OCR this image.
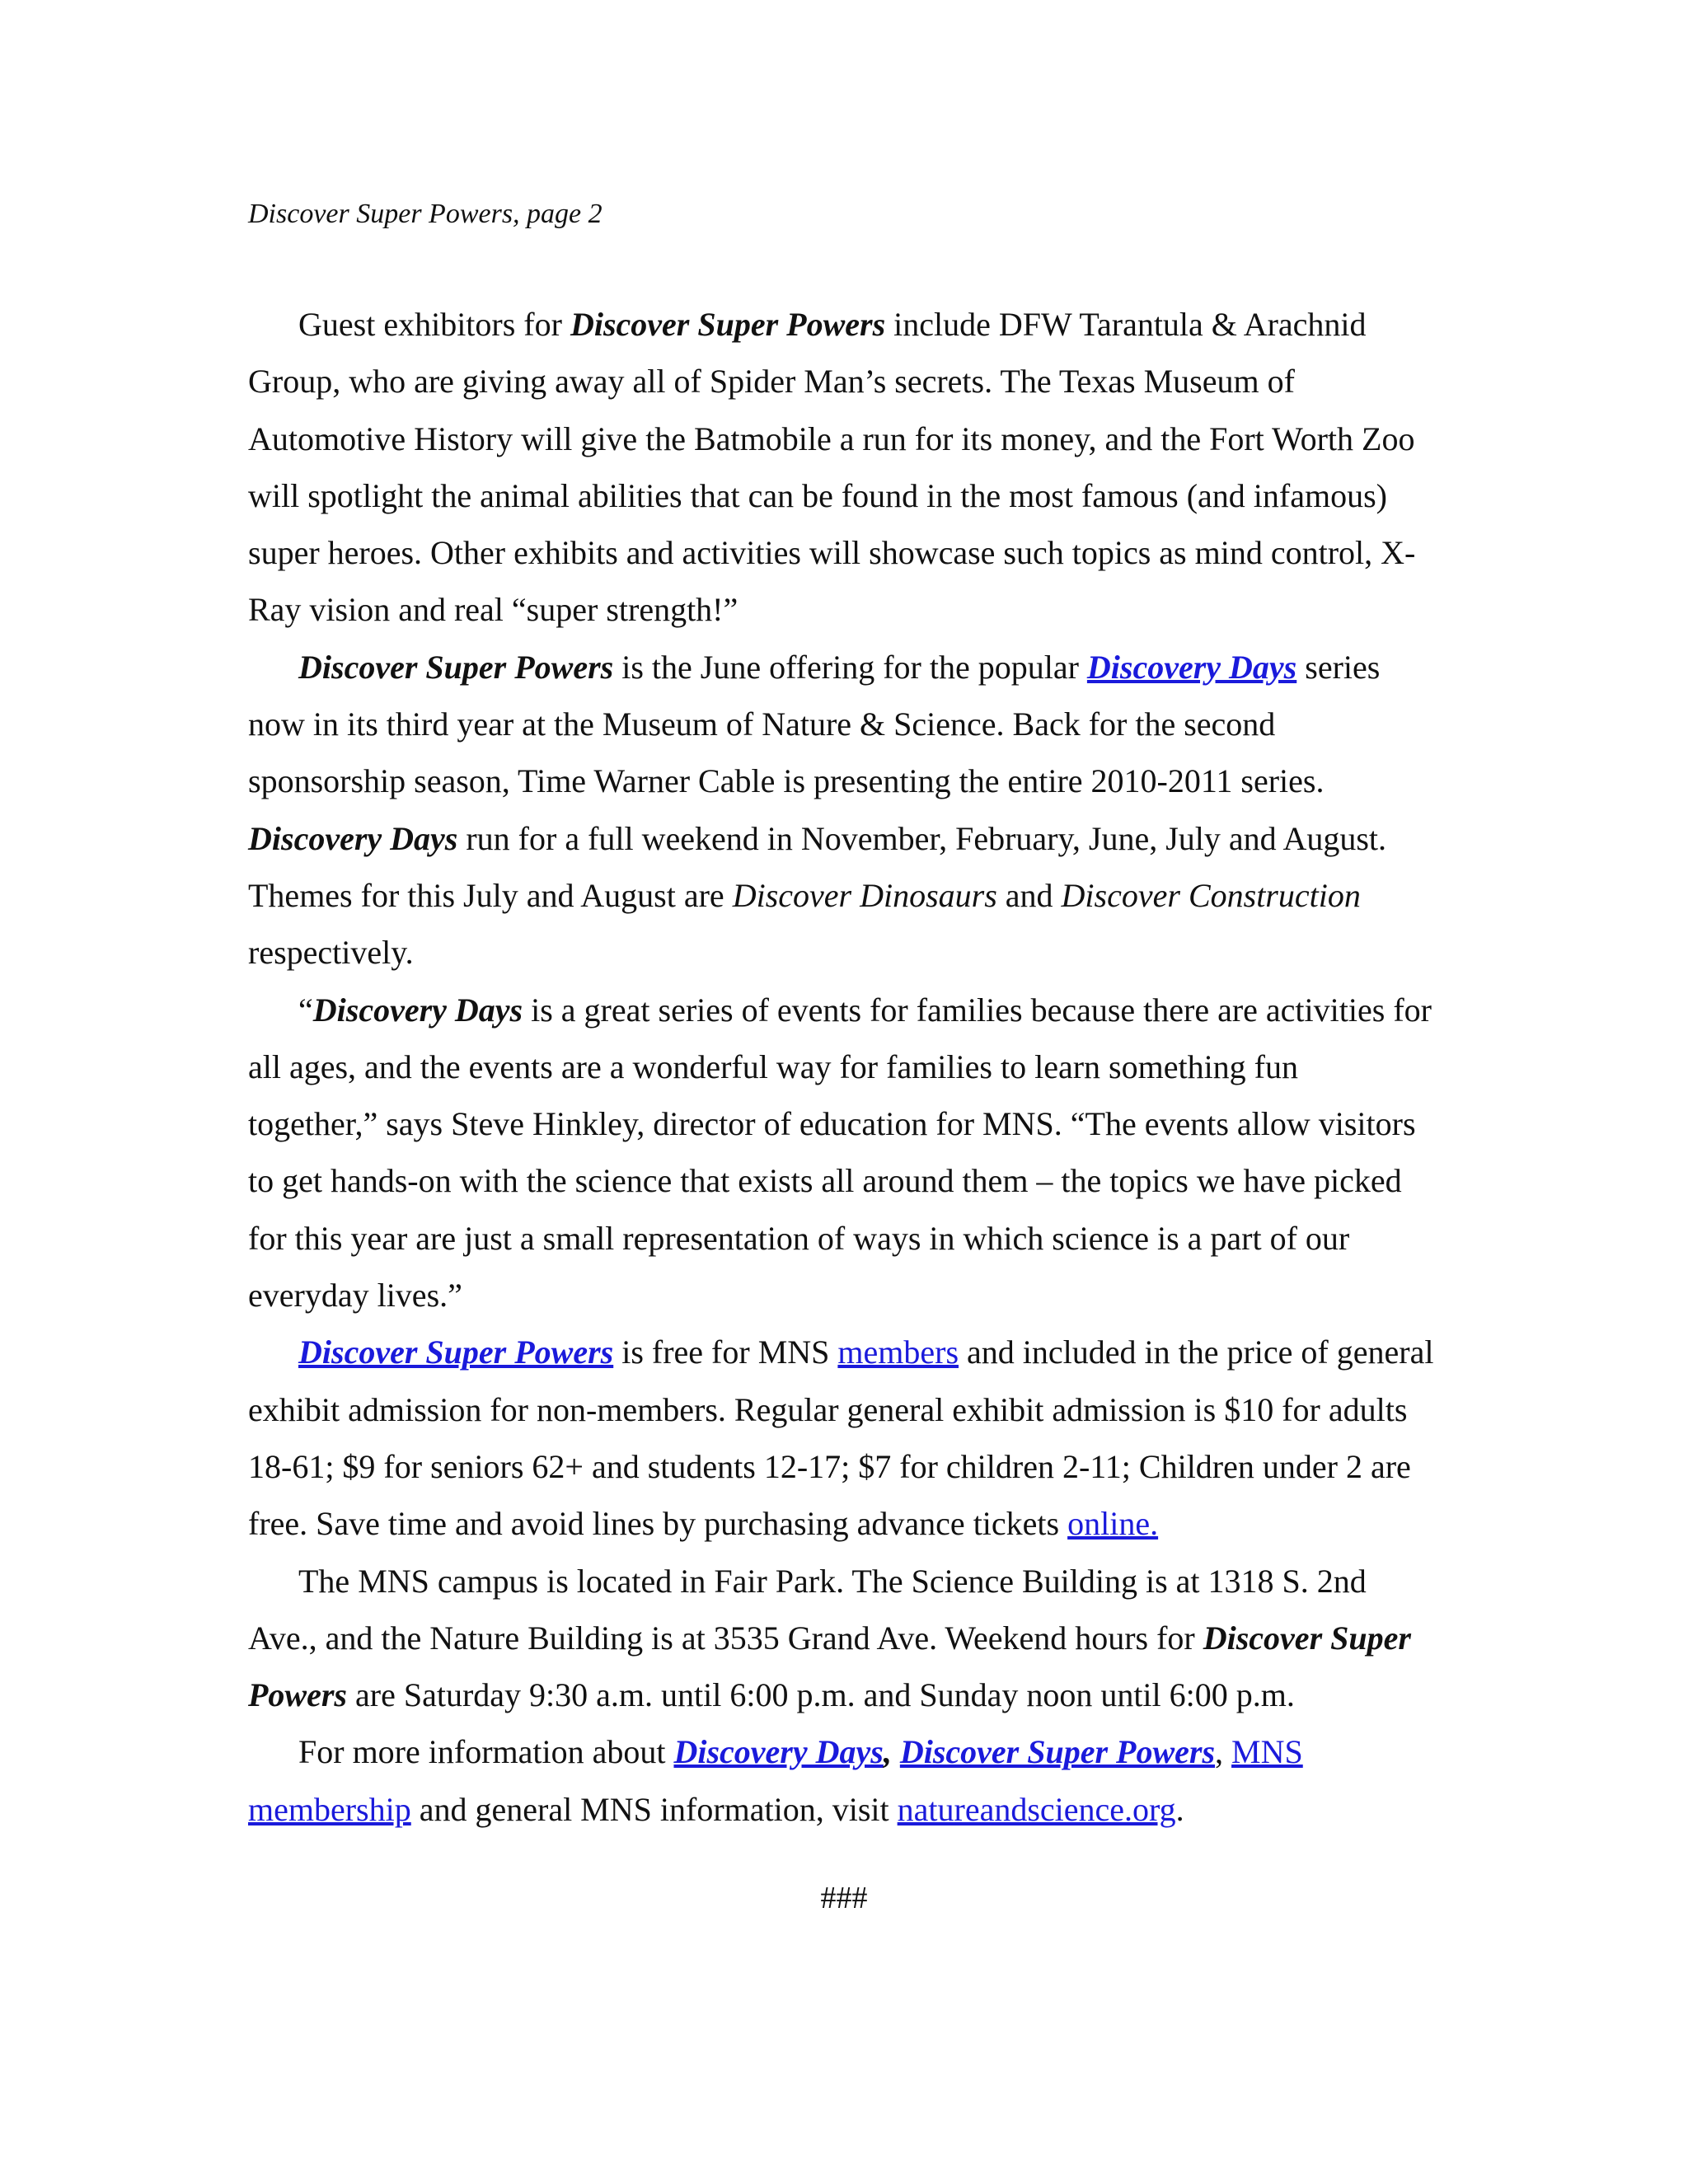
Discover Super Powers, page 2
Guest exhibitors for Discover Super Powers include DFW Tarantula & Arachnid
Group, who are giving away all of Spider Man’s secrets. The Texas Museum of
Automotive History will give the Batmobile a run for its money, and the Fort Worth Zoo
will spotlight the animal abilities that can be found in the most famous (and infamous)
super heroes. Other exhibits and activities will showcase such topics as mind control, X-
Ray vision and real “super strength!”
Discover Super Powers is the June offering for the popular Discovery Days series
now in its third year at the Museum of Nature & Science. Back for the second
sponsorship season, Time Warner Cable is presenting the entire 2010-2011 series.
Discovery Days run for a full weekend in November, February, June, July and August.
Themes for this July and August are Discover Dinosaurs and Discover Construction
respectively.
“Discovery Days is a great series of events for families because there are activities for
all ages, and the events are a wonderful way for families to learn something fun
together,” says Steve Hinkley, director of education for MNS. “The events allow visitors
to get hands-on with the science that exists all around them – the topics we have picked
for this year are just a small representation of ways in which science is a part of our
everyday lives.”
Discover Super Powers is free for MNS members and included in the price of general
exhibit admission for non-members. Regular general exhibit admission is $10 for adults
18-61; $9 for seniors 62+ and students 12-17; $7 for children 2-11; Children under 2 are
free. Save time and avoid lines by purchasing advance tickets online.
The MNS campus is located in Fair Park. The Science Building is at 1318 S. 2nd
Ave., and the Nature Building is at 3535 Grand Ave. Weekend hours for Discover Super
Powers are Saturday 9:30 a.m. until 6:00 p.m. and Sunday noon until 6:00 p.m.
For more information about Discovery Days, Discover Super Powers, MNS
membership and general MNS information, visit natureandscience.org.
###
